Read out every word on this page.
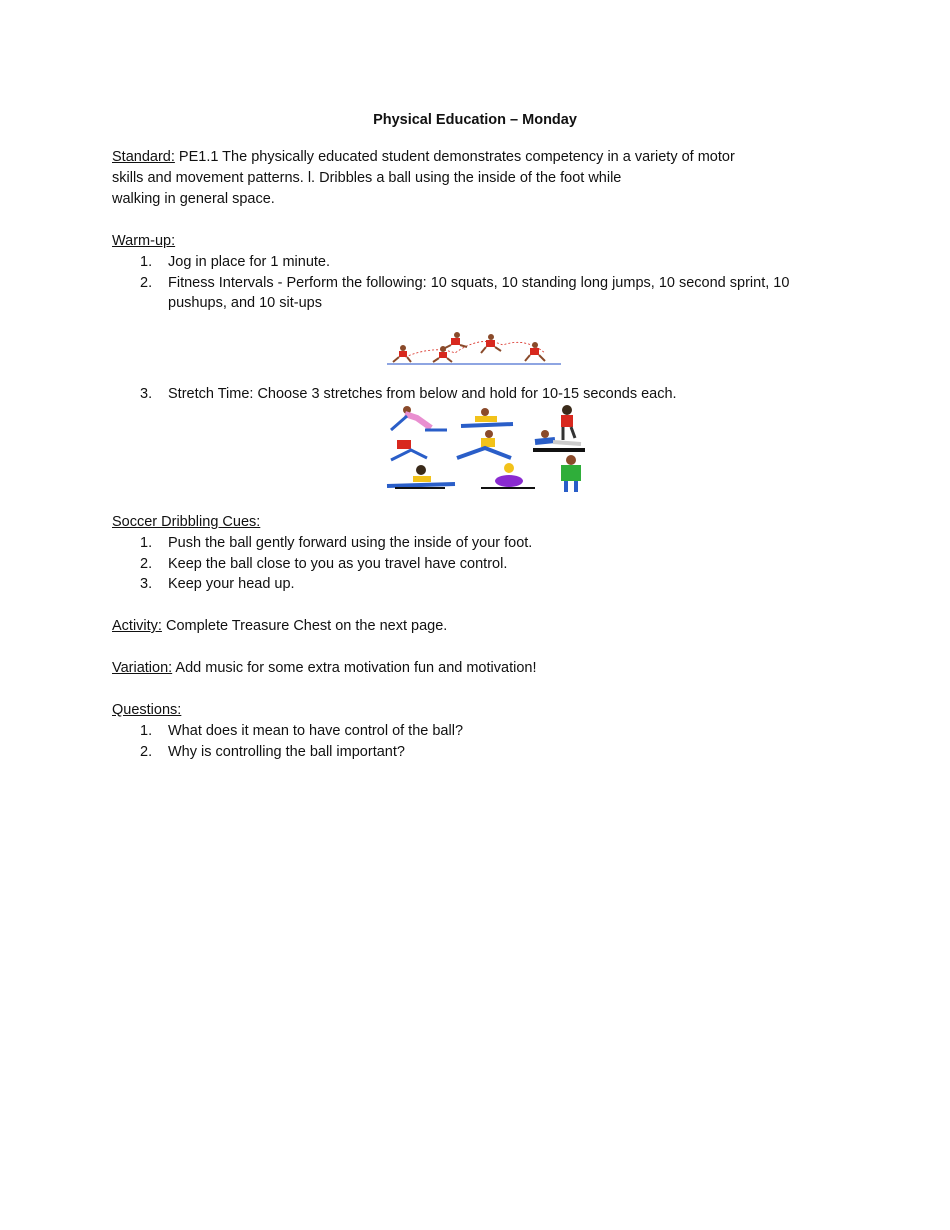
Physical Education – Monday
Standard: PE1.1 The physically educated student demonstrates competency in a variety of motor
skills and movement patterns. l. Dribbles a ball using the inside of the foot while
walking in general space.
Warm-up:
1. Jog in place for 1 minute.
2. Fitness Intervals - Perform the following: 10 squats, 10 standing long jumps, 10 second sprint, 10 pushups, and 10 sit-ups
3. Stretch Time: Choose 3 stretches from below and hold for 10-15 seconds each.
Soccer Dribbling Cues:
1. Push the ball gently forward using the inside of your foot.
2. Keep the ball close to you as you travel have control.
3. Keep your head up.
Activity: Complete Treasure Chest on the next page.
Variation: Add music for some extra motivation fun and motivation!
Questions:
1. What does it mean to have control of the ball?
2. Why is controlling the ball important?
